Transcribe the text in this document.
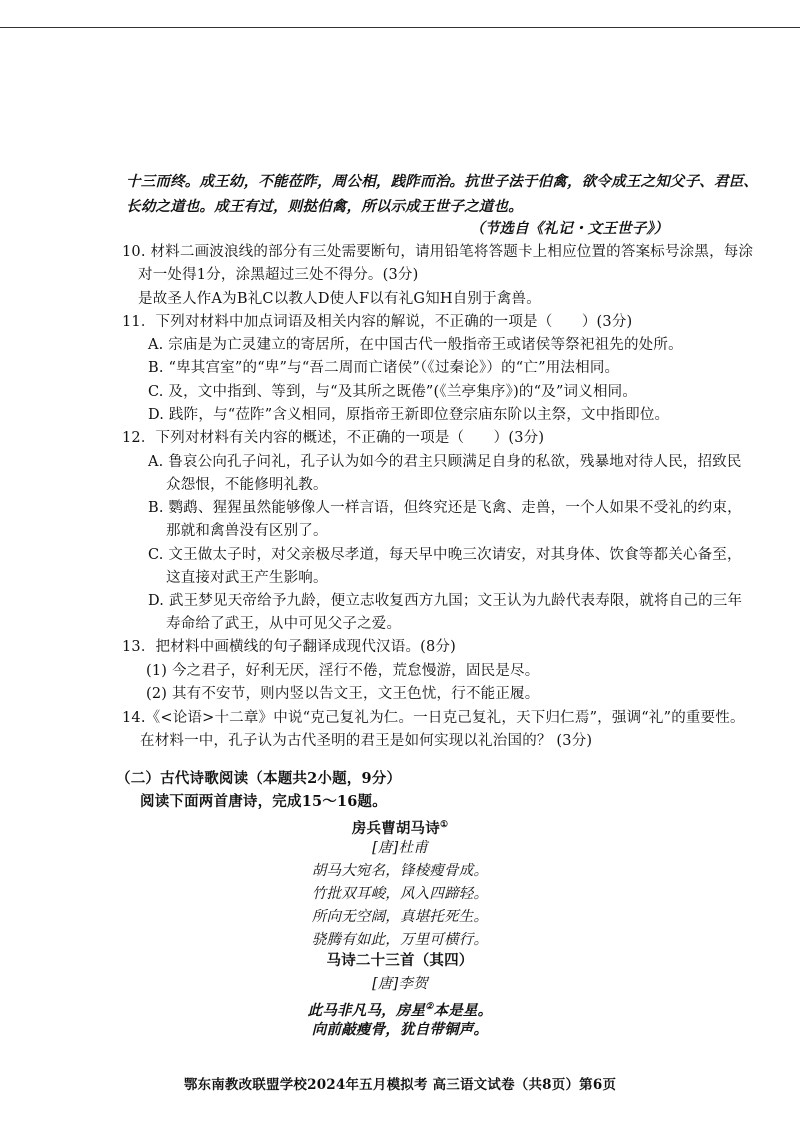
十三而终。成王幼，不能莅阼，周公相，践阼而治。抗世子法于伯禽，欲令成王之知父子、君臣、
长幼之道也。成王有过，则挞伯禽，所以示成王世子之道也。
（节选自《礼记・文王世子》）
10. 材料二画波浪线的部分有三处需要断句，请用铅笔将答题卡上相应位置的答案标号涂黑，每涂
对一处得1分，涂黑超过三处不得分。(3分)
是故圣人作A为B礼C以教人D使人F以有礼G知H自别于禽兽。
11．下列对材料中加点词语及相关内容的解说，不正确的一项是（　　）(3分)
A. 宗庙是为亡灵建立的寄居所，在中国古代一般指帝王或诸侯等祭祀祖先的处所。
B. “卑其宫室”的“卑”与“吾二周而亡诸侯”（《过秦论》）的“亡”用法相同。
C. 及，文中指到、等到，与“及其所之既倦”(《兰亭集序》)的“及”词义相同。
D. 践阼，与“莅阼”含义相同，原指帝王新即位登宗庙东阶以主祭，文中指即位。
12．下列对材料有关内容的概述，不正确的一项是（　　）(3分)
A. 鲁哀公向孔子问礼，孔子认为如今的君主只顾满足自身的私欲，残暴地对待人民，招致民
众怨恨，不能修明礼教。
B. 鹦鹉、猩猩虽然能够像人一样言语，但终究还是飞禽、走兽，一个人如果不受礼的约束，
那就和禽兽没有区别了。
C. 文王做太子时，对父亲极尽孝道，每天早中晚三次请安，对其身体、饮食等都关心备至，
这直接对武王产生影响。
D. 武王梦见天帝给予九龄，便立志收复西方九国；文王认为九龄代表寿限，就将自己的三年
寿命给了武王，从中可见父子之爱。
13．把材料中画横线的句子翻译成现代汉语。(8分)
(1) 今之君子，好利无厌，淫行不倦，荒怠慢游，固民是尽。
(2) 其有不安节，则内竖以告文王，文王色忧，行不能正履。
14.《<论语>十二章》中说“克己复礼为仁。一日克己复礼，天下归仁焉”，强调“礼”的重要性。
在材料一中，孔子认为古代圣明的君王是如何实现以礼治国的？ (3分)
（二）古代诗歌阅读（本题共2小题，9分）
阅读下面两首唐诗，完成15～16题。
房兵曹胡马诗①
[唐]杜甫
胡马大宛名，锋棱瘦骨成。
竹批双耳峻，风入四蹄轻。
所向无空阔，真堪托死生。
骁腾有如此，万里可横行。
马诗二十三首（其四）
[唐]李贺
此马非凡马，房星②本是星。
向前敲瘦骨，犹自带铜声。
鄂东南教改联盟学校2024年五月模拟考 高三语文试卷（共8页）第6页
